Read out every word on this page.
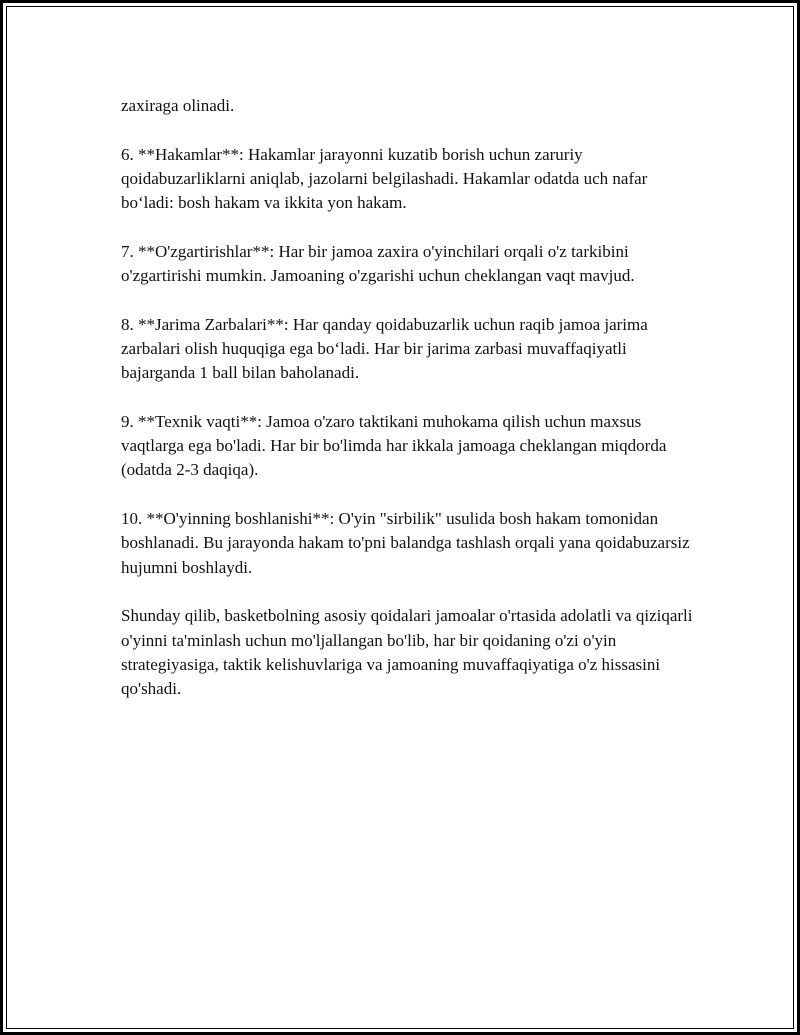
zaxiraga olinadi.

6. **Hakamlar**: Hakamlar jarayonni kuzatib borish uchun zaruriy qoidabuzarliklarni aniqlab, jazolarni belgilashadi. Hakamlar odatda uch nafar bo‘ladi: bosh hakam va ikkita yon hakam.

7. **O'zgartirishlar**: Har bir jamoa zaxira o'yinchilari orqali o'z tarkibini o'zgartirishi mumkin. Jamoaning o'zgarishi uchun cheklangan vaqt mavjud.

8. **Jarima Zarbalari**: Har qanday qoidabuzarlik uchun raqib jamoa jarima zarbalari olish huquqiga ega bo‘ladi. Har bir jarima zarbasi muvaffaqiyatli bajarganda 1 ball bilan baholanadi.

9. **Texnik vaqti**: Jamoa o'zaro taktikani muhokama qilish uchun maxsus vaqtlarga ega bo'ladi. Har bir bo'limda har ikkala jamoaga cheklangan miqdorda (odatda 2-3 daqiqa).

10. **O'yinning boshlanishi**: O'yin "sirbilik" usulida bosh hakam tomonidan boshlanadi. Bu jarayonda hakam to'pni balandga tashlash orqali yana qoidabuzarsiz hujumni boshlaydi.

Shunday qilib, basketbolning asosiy qoidalari jamoalar o'rtasida adolatli va qiziqarli o'yinni ta'minlash uchun mo'ljallangan bo'lib, har bir qoidaning o'zi o'yin strategiyasiga, taktik kelishuvlariga va jamoaning muvaffaqiyatiga o'z hissasini qo'shadi.
